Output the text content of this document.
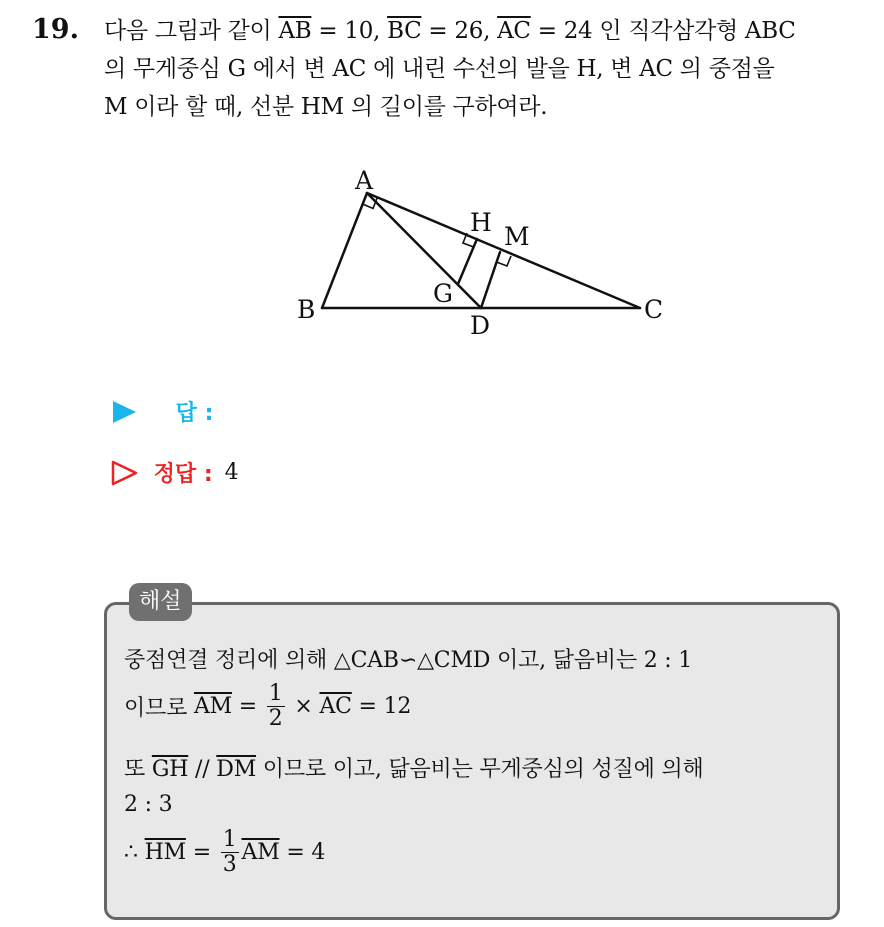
19. 다음 그림과 같이 $\overline{AB} = 10$, $\overline{BC} = 26$, $\overline{AC} = 24$ 인 직각삼각형 ABC
의 무게중심 G 에서 변 AC 에 내린 수선의 발을 H, 변 AC 의 중점을
M 이라 할 때, 선분 HM 의 길이를 구하여라.
A
B	C
D
G
H M
답 :
정답 : 4
해설
중점연결 정리에 의해 △CAB∽△CMD 이고, 닮음비는 2 : 1
이므로 $\overline{AM} = \frac{1}{2} \times \overline{AC} = 12$
또 $\overline{GH} // \overline{DM}$ 이므로 이고, 닮음비는 무게중심의 성질에 의해
2 : 3
∴ $\overline{HM} = \frac{1}{3} \overline{AM} = 4$
